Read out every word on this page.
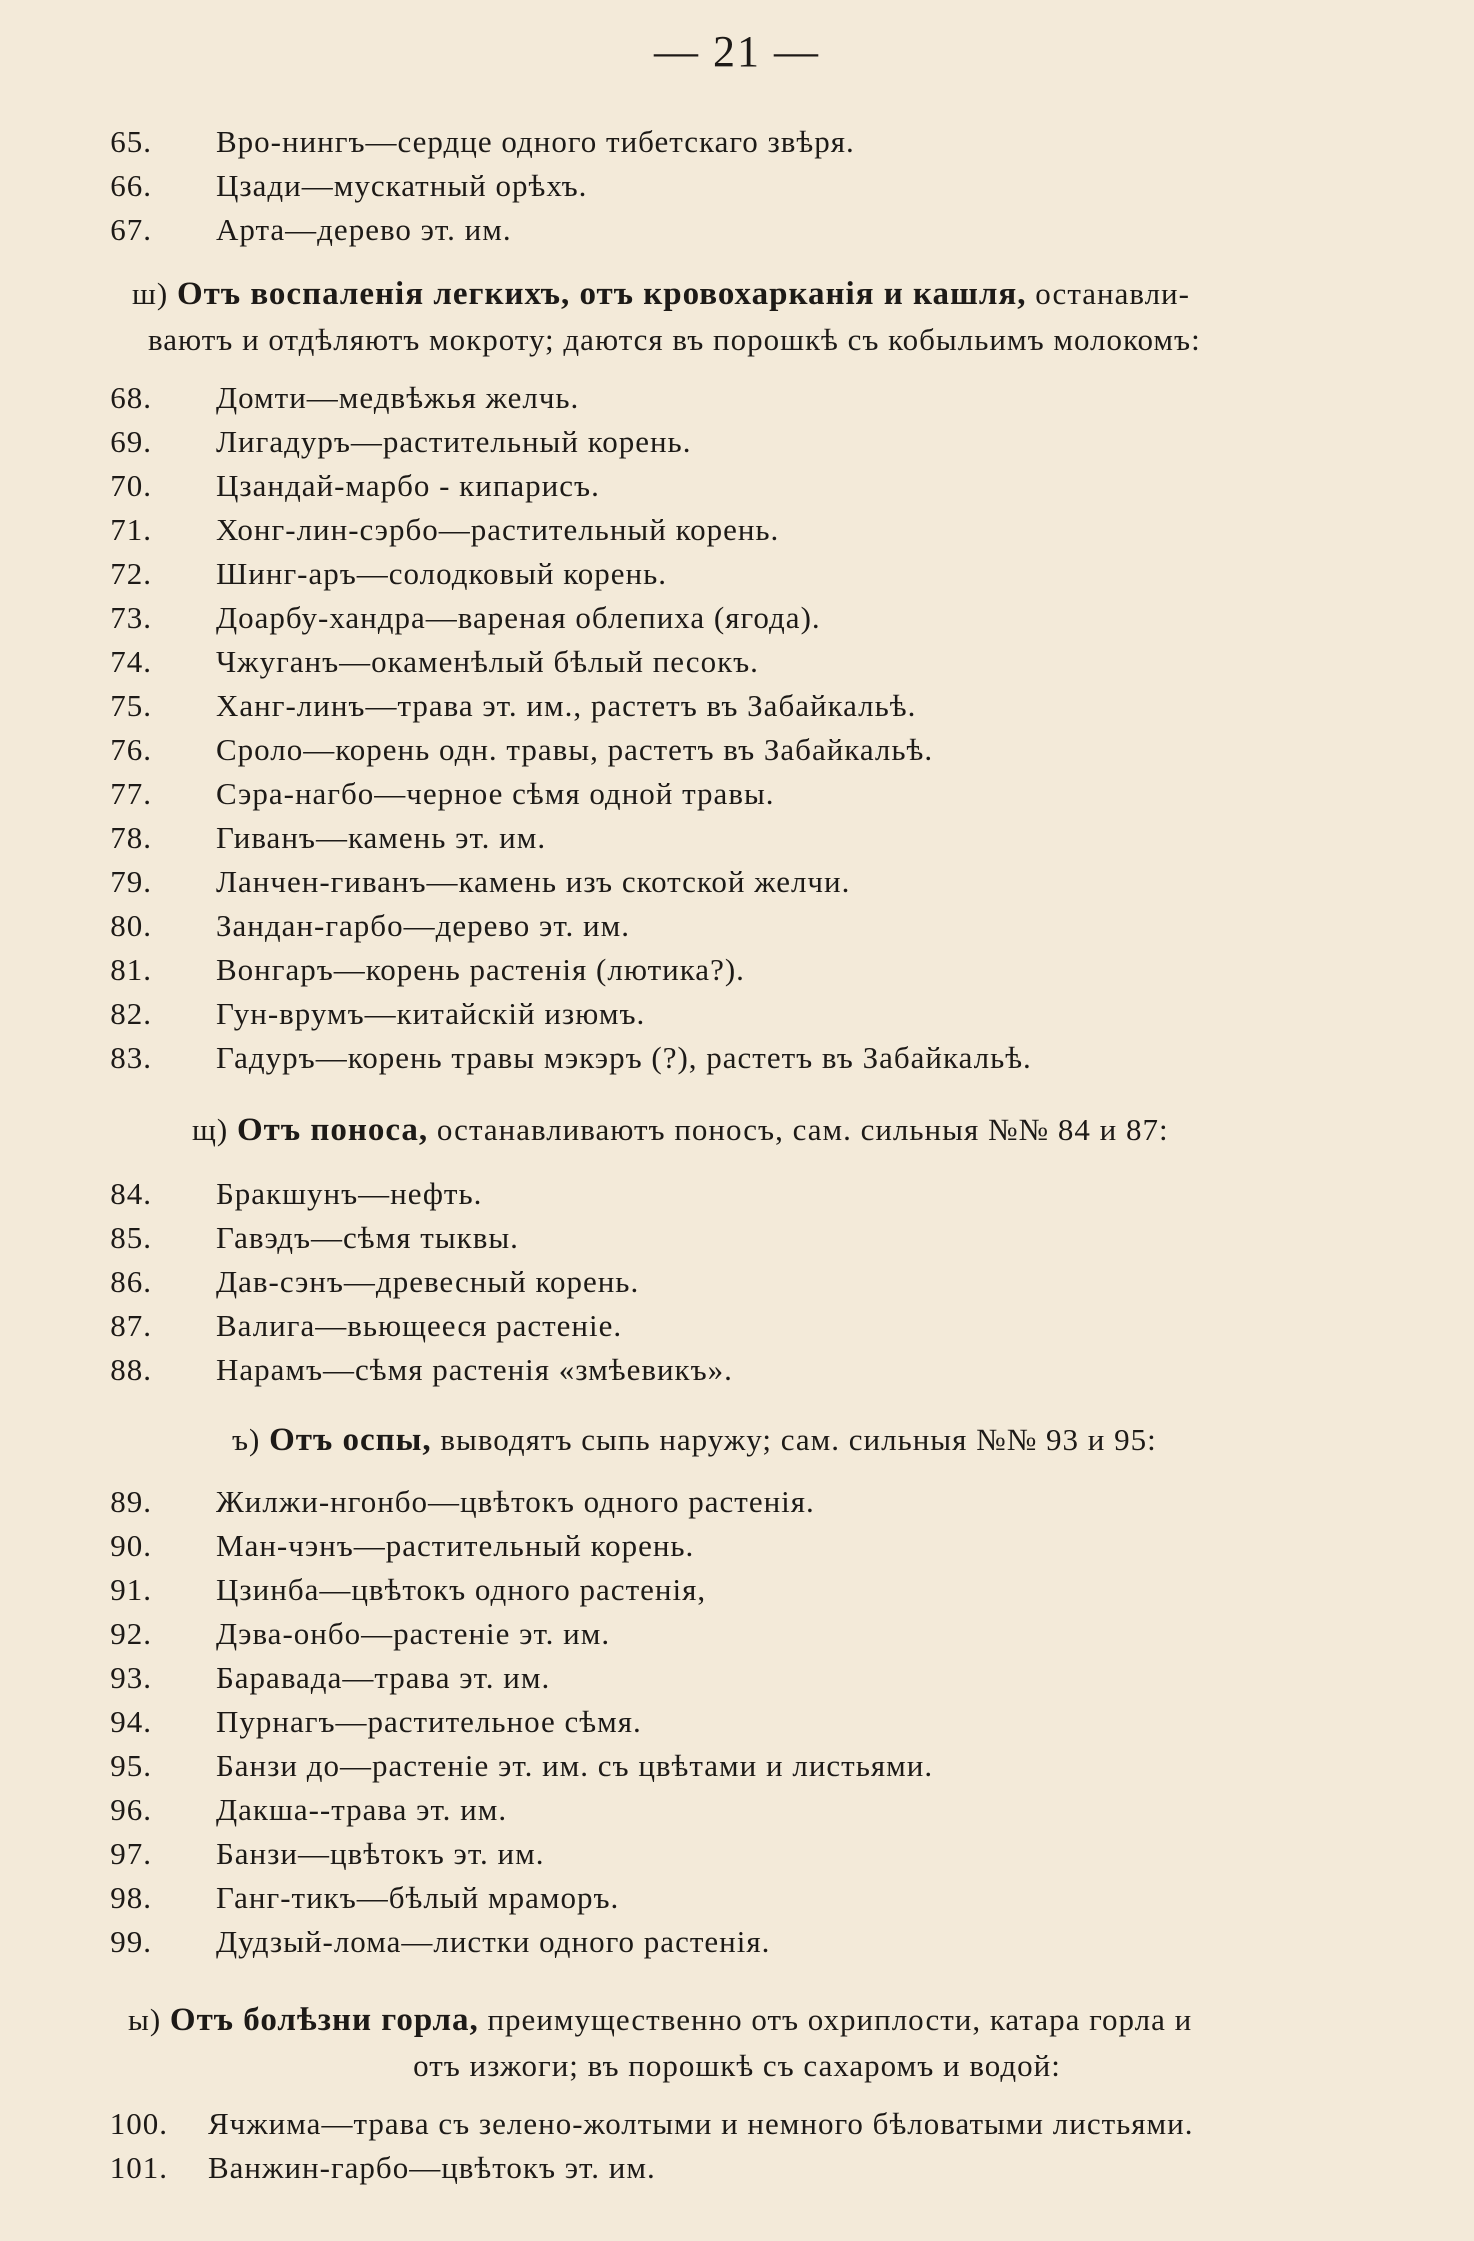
— 21 —
65. Вро-нингъ—сердце одного тибетскаго звѣря.
66. Цзади—мускатный орѣхъ.
67. Арта—дерево эт. им.
ш) Отъ воспаленія легкихъ, отъ кровохарканія и кашля, останавли-
ваютъ и отдѣляютъ мокроту; даются въ порошкѣ съ кобыльимъ молокомъ:
68. Домти—медвѣжья желчь.
69. Лигадуръ—растительный корень.
70. Цзандай-марбо - кипарисъ.
71. Хонг-лин-сэрбо—растительный корень.
72. Шинг-аръ—солодковый корень.
73. Доарбу-хандра—вареная облепиха (ягода).
74. Чжуганъ—окаменѣлый бѣлый песокъ.
75. Ханг-линъ—трава эт. им., растетъ въ Забайкальѣ.
76. Сроло—корень одн. травы, растетъ въ Забайкальѣ.
77. Сэра-нагбо—черное сѣмя одной травы.
78. Гиванъ—камень эт. им.
79. Ланчен-гиванъ—камень изъ скотской желчи.
80. Зандан-гарбо—дерево эт. им.
81. Вонгаръ—корень растенія (лютика?).
82. Гун-врумъ—китайскій изюмъ.
83. Гадуръ—корень травы мэкэръ (?), растетъ въ Забайкальѣ.
щ) Отъ поноса, останавливаютъ поносъ, сам. сильныя №№ 84 и 87:
84. Бракшунъ—нефть.
85. Гавэдъ—сѣмя тыквы.
86. Дав-сэнъ—древесный корень.
87. Валига—вьющееся растеніе.
88. Нарамъ—сѣмя растенія «змѣевикъ».
ъ) Отъ оспы, выводятъ сыпь наружу; сам. сильныя №№ 93 и 95:
89. Жилжи-нгонбо—цвѣтокъ одного растенія.
90. Ман-чэнъ—растительный корень.
91. Цзинба—цвѣтокъ одного растенія,
92. Дэва-онбо—растеніе эт. им.
93. Баравада—трава эт. им.
94. Пурнагъ—растительное сѣмя.
95. Банзи до—растеніе эт. им. съ цвѣтами и листьями.
96. Дакша--трава эт. им.
97. Банзи—цвѣтокъ эт. им.
98. Ганг-тикъ—бѣлый мраморъ.
99. Дудзый-лома—листки одного растенія.
ы) Отъ болѣзни горла, преимущественно отъ охриплости, катара горла и
отъ изжоги; въ порошкѣ съ сахаромъ и водой:
100. Ячжима—трава съ зелено-жолтыми и немного бѣловатыми листьями.
101. Ванжин-гарбо—цвѣтокъ эт. им.
